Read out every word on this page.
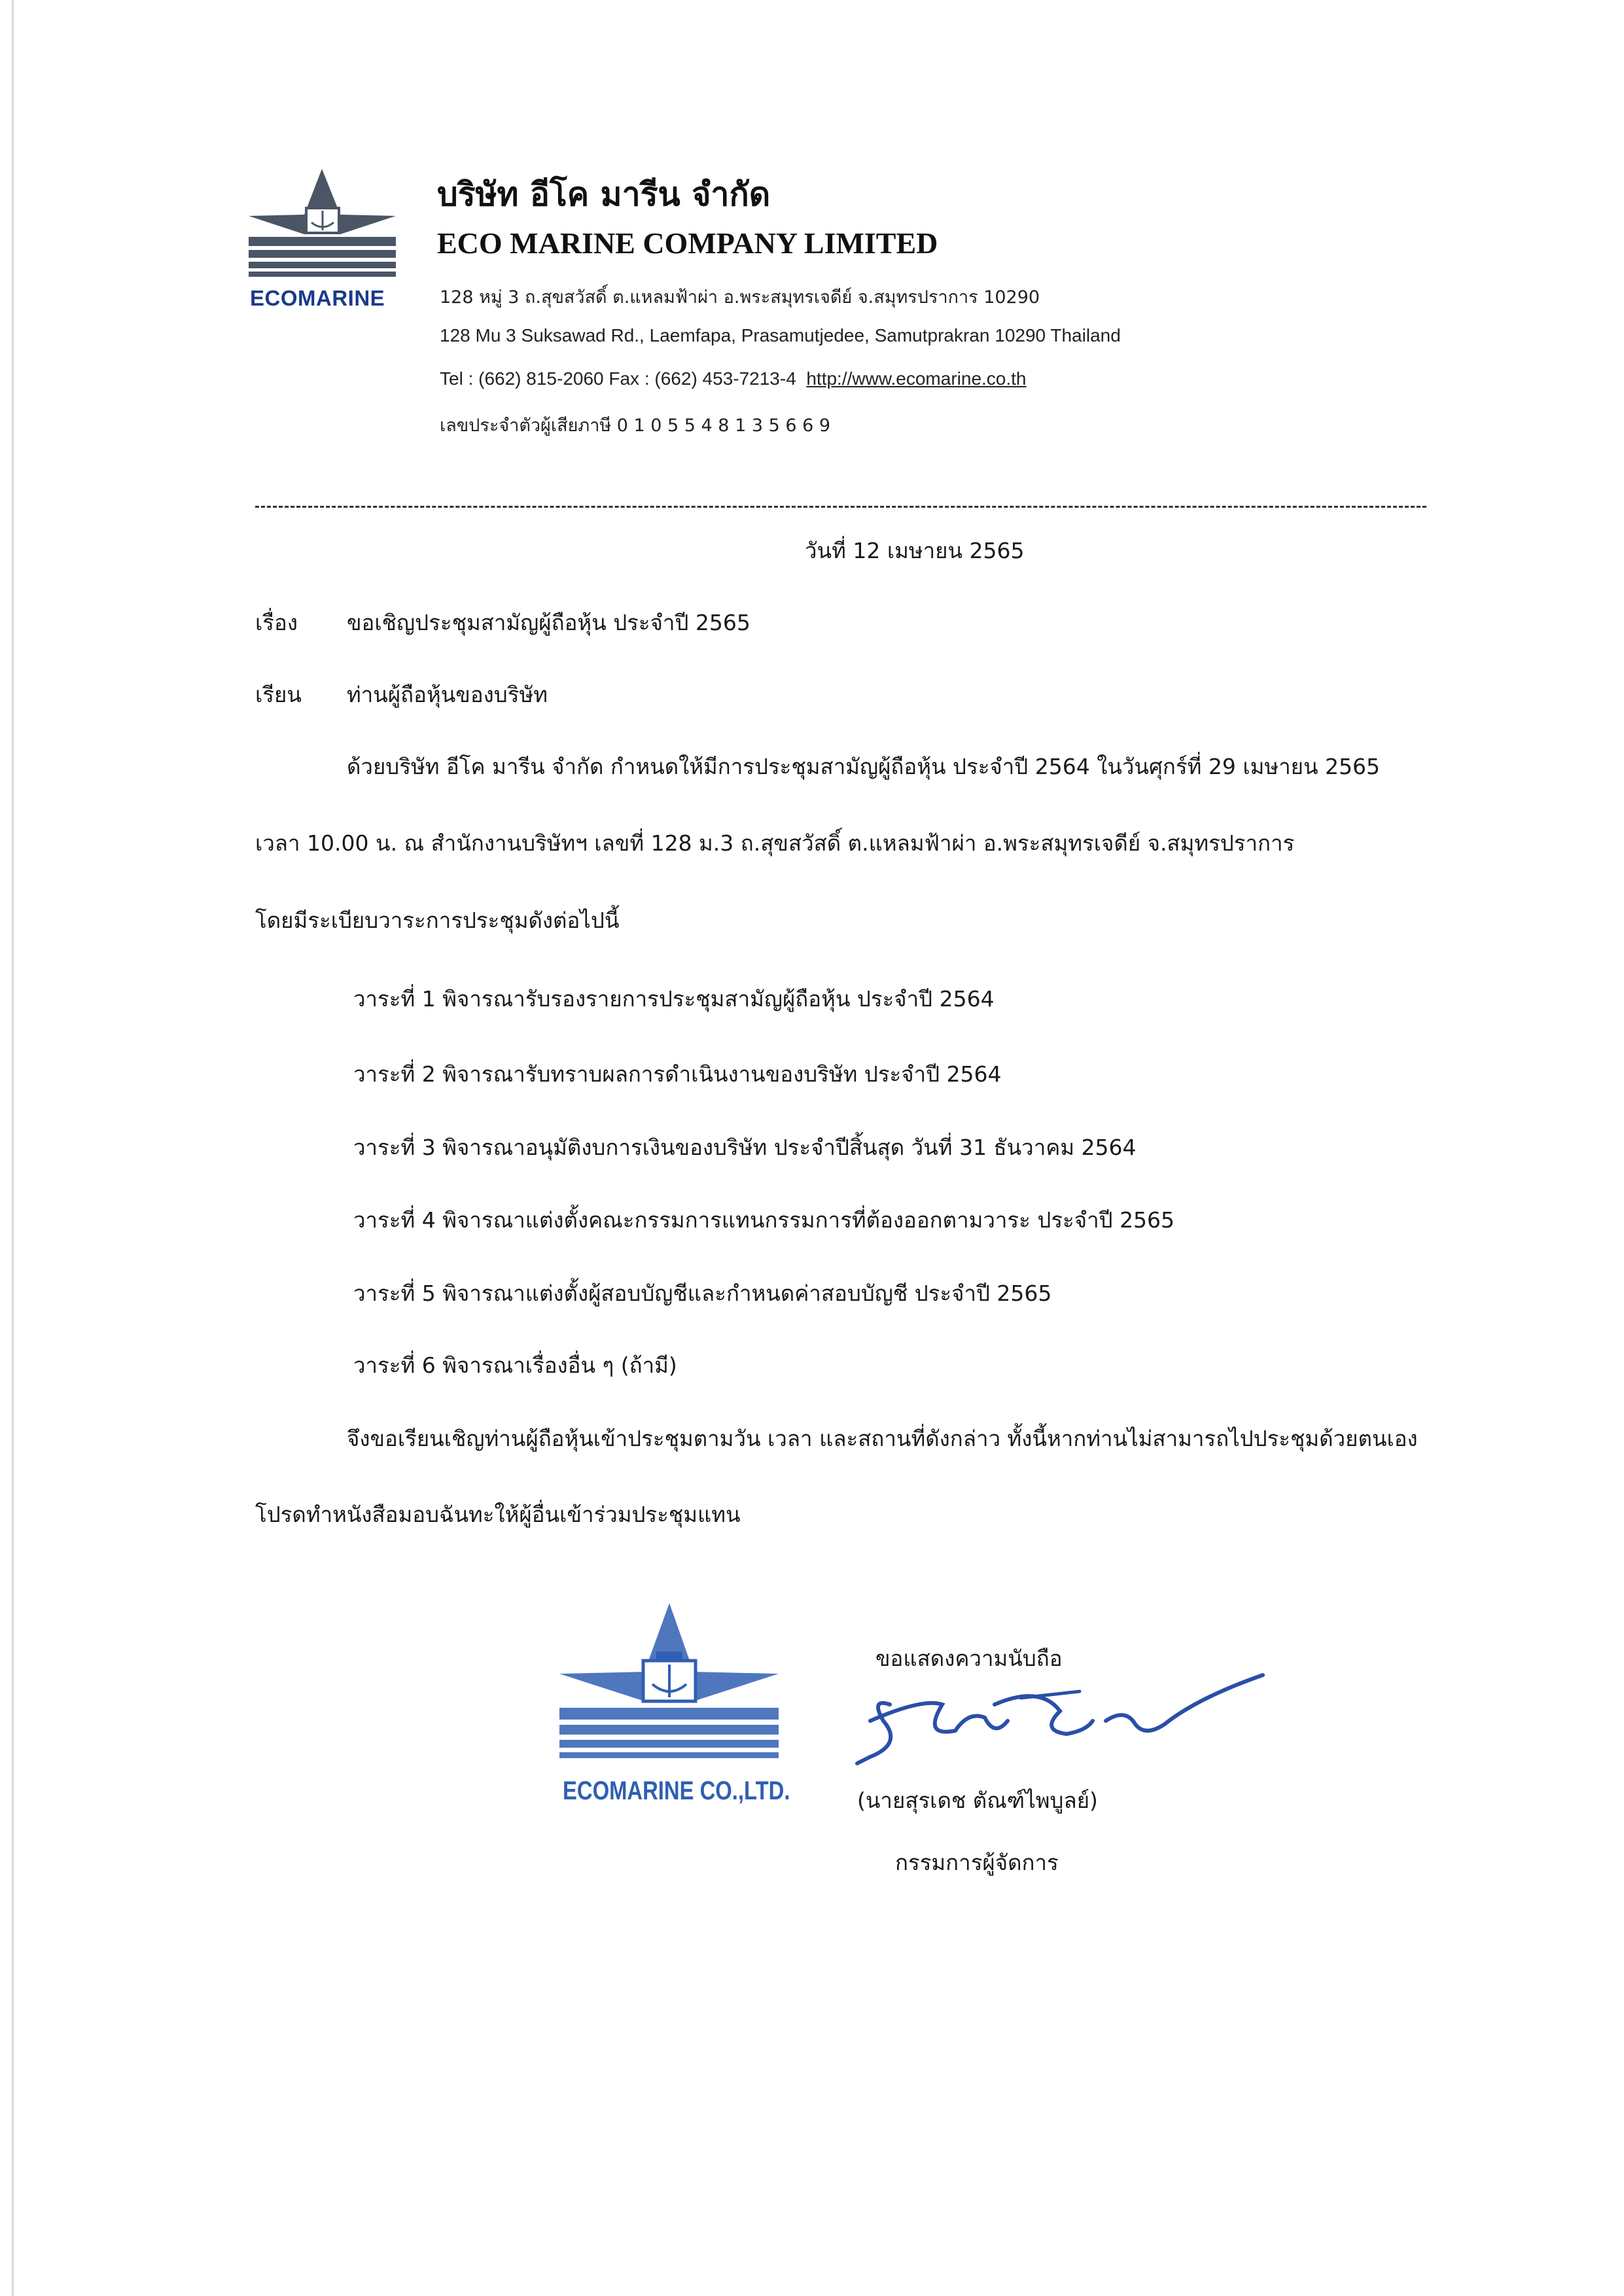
ECOMARINE
บริษัท อีโค มารีน จำกัด
ECO MARINE COMPANY LIMITED
128 หมู่ 3 ถ.สุขสวัสดิ์ ต.แหลมฟ้าผ่า อ.พระสมุทรเจดีย์ จ.สมุทรปราการ 10290
128 Mu 3 Suksawad Rd., Laemfapa, Prasamutjedee, Samutprakran 10290 Thailand
Tel : (662) 815-2060 Fax : (662) 453-7213-4 http://www.ecomarine.co.th
เลขประจำตัวผู้เสียภาษี 0 1 0 5 5 4 8 1 3 5 6 6 9
วันที่ 12 เมษายน 2565
เรื่อง ขอเชิญประชุมสามัญผู้ถือหุ้น ประจำปี 2565
เรียน ท่านผู้ถือหุ้นของบริษัท
ด้วยบริษัท อีโค มารีน จำกัด กำหนดให้มีการประชุมสามัญผู้ถือหุ้น ประจำปี 2564 ในวันศุกร์ที่ 29 เมษายน 2565
เวลา 10.00 น. ณ สำนักงานบริษัทฯ เลขที่ 128 ม.3 ถ.สุขสวัสดิ์ ต.แหลมฟ้าผ่า อ.พระสมุทรเจดีย์ จ.สมุทรปราการ
โดยมีระเบียบวาระการประชุมดังต่อไปนี้
วาระที่ 1 พิจารณารับรองรายการประชุมสามัญผู้ถือหุ้น ประจำปี 2564
วาระที่ 2 พิจารณารับทราบผลการดำเนินงานของบริษัท ประจำปี 2564
วาระที่ 3 พิจารณาอนุมัติงบการเงินของบริษัท ประจำปีสิ้นสุด วันที่ 31 ธันวาคม 2564
วาระที่ 4 พิจารณาแต่งตั้งคณะกรรมการแทนกรรมการที่ต้องออกตามวาระ ประจำปี 2565
วาระที่ 5 พิจารณาแต่งตั้งผู้สอบบัญชีและกำหนดค่าสอบบัญชี ประจำปี 2565
วาระที่ 6 พิจารณาเรื่องอื่น ๆ (ถ้ามี)
จึงขอเรียนเชิญท่านผู้ถือหุ้นเข้าประชุมตามวัน เวลา และสถานที่ดังกล่าว ทั้งนี้หากท่านไม่สามารถไปประชุมด้วยตนเอง
โปรดทำหนังสือมอบฉันทะให้ผู้อื่นเข้าร่วมประชุมแทน
ECOMARINE CO.,LTD.
ขอแสดงความนับถือ
(นายสุรเดช ตัณฑ์ไพบูลย์)
กรรมการผู้จัดการ
